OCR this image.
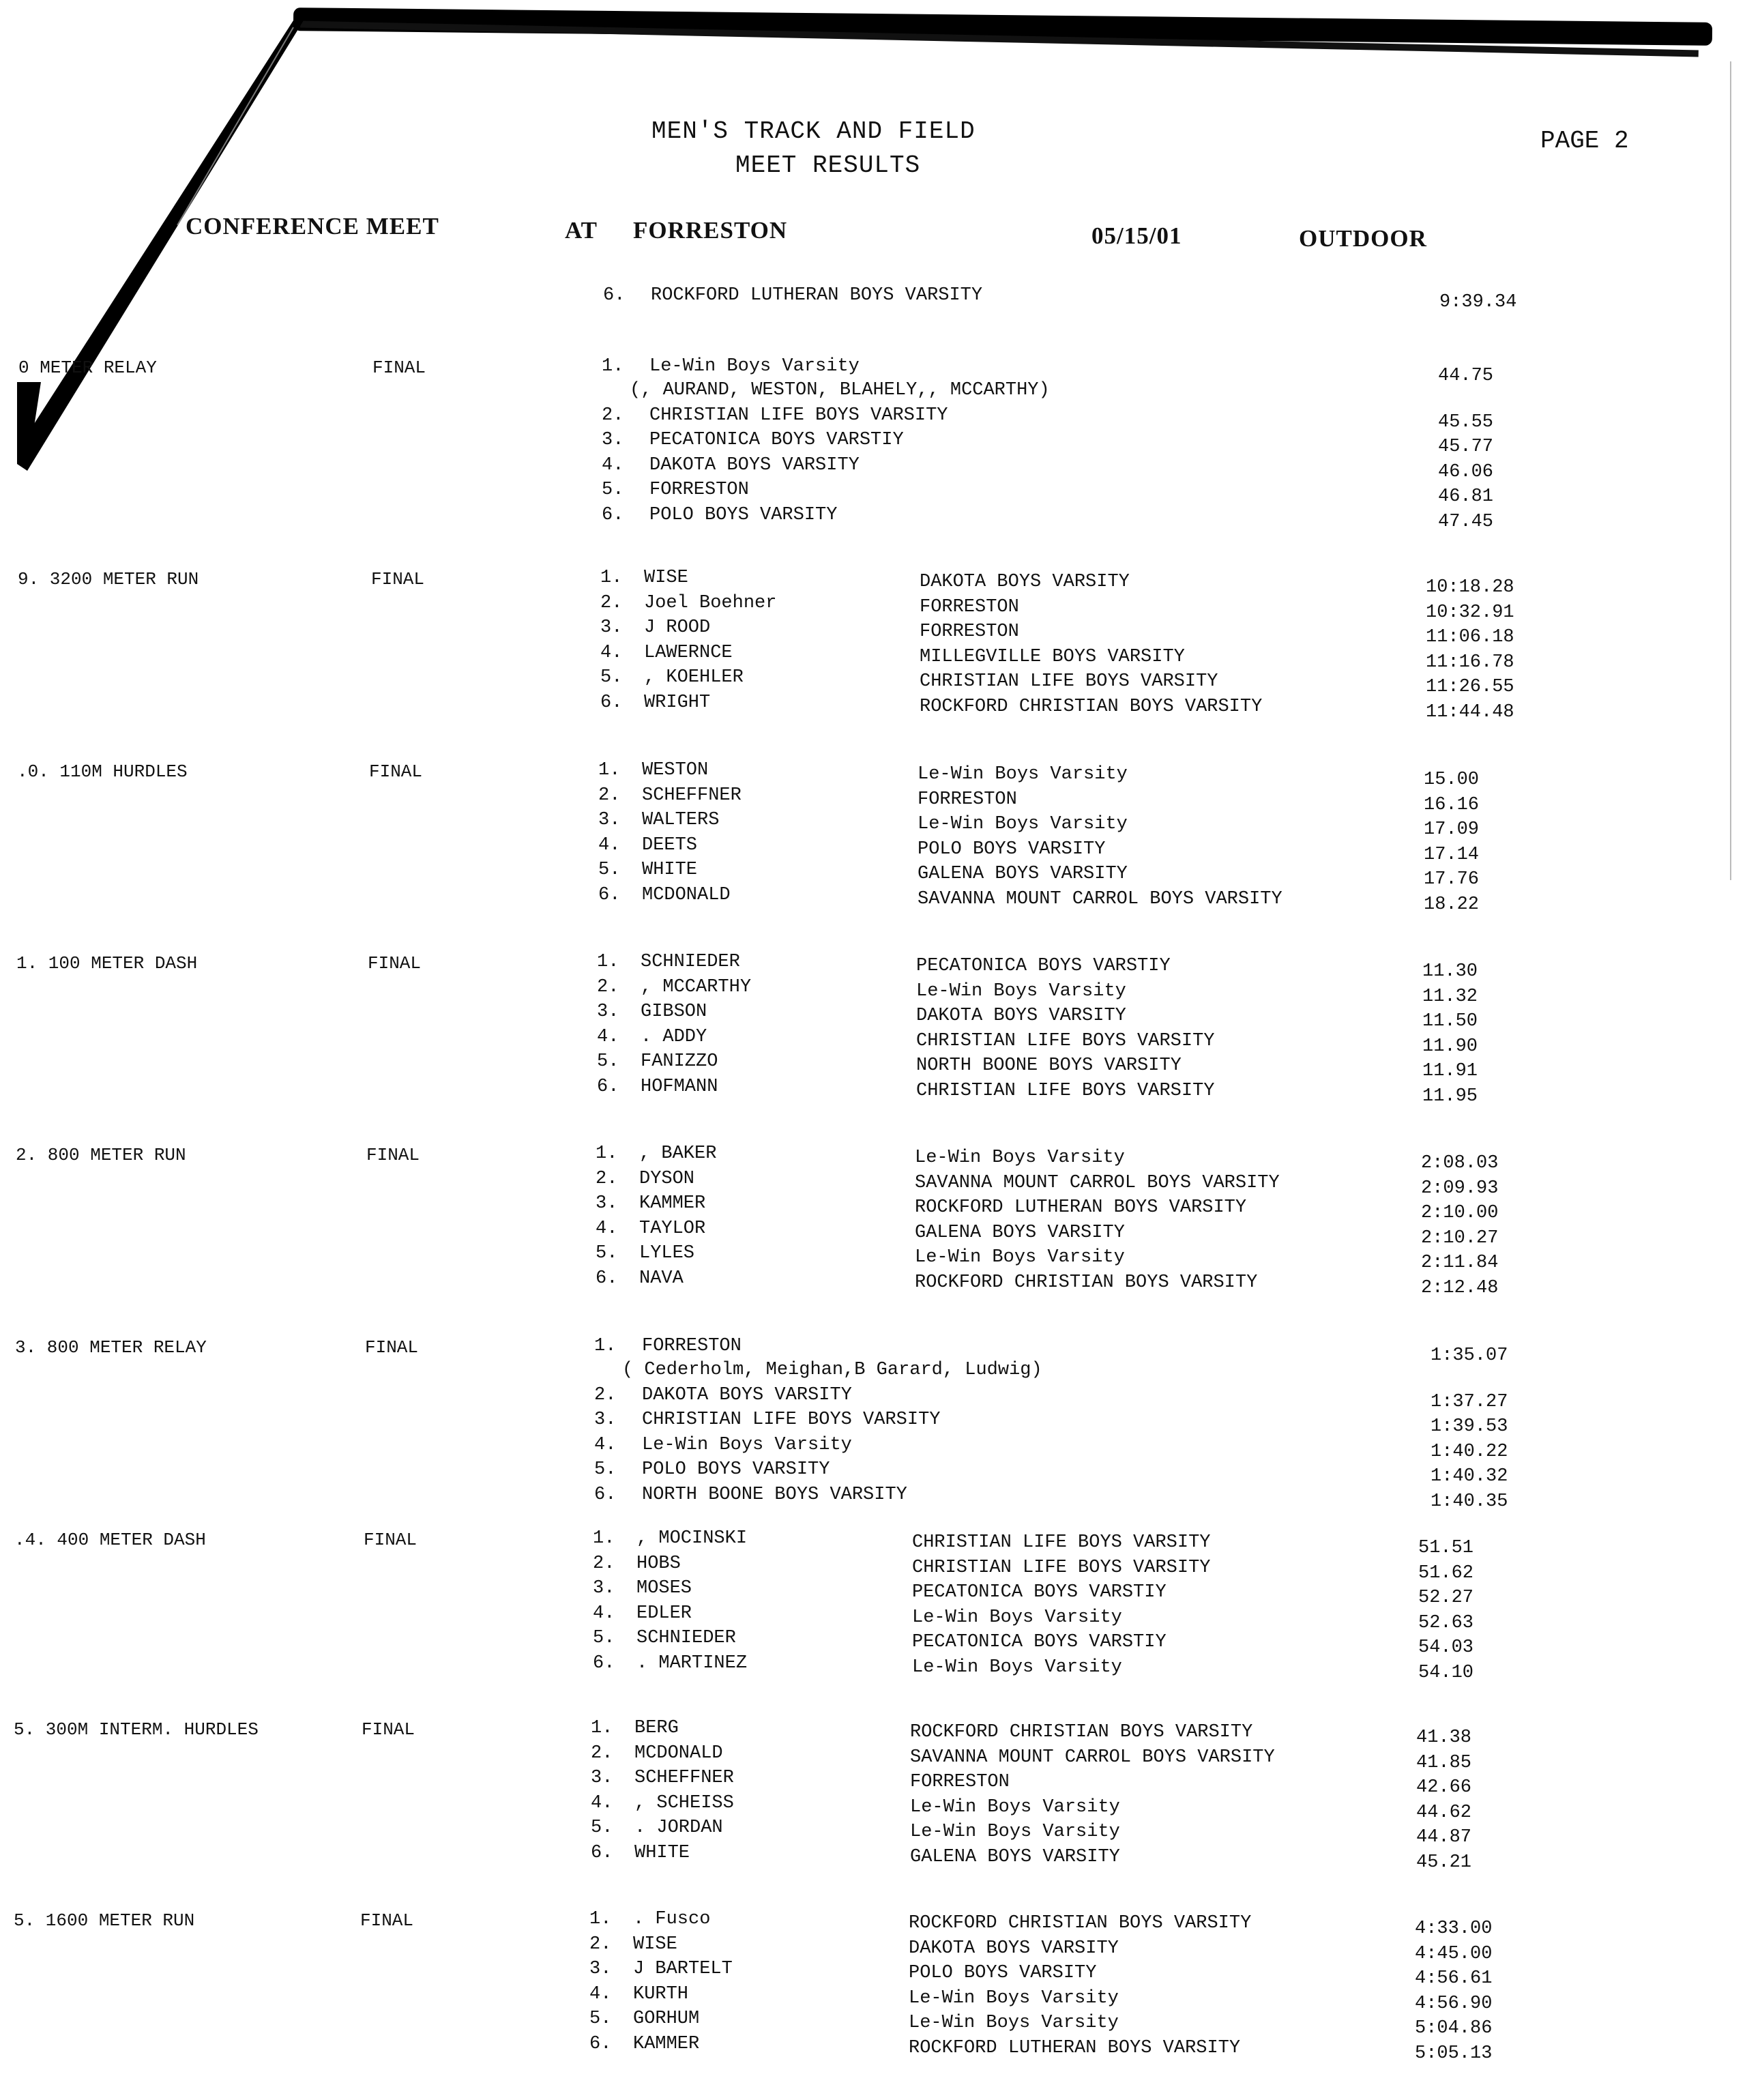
MEN'S TRACK AND FIELD
MEET RESULTS
PAGE 2
CONFERENCE MEET	AT FORRESTON	05/15/01	OUTDOOR
6. ROCKFORD LUTHERAN BOYS VARSITY	9:39.34
0 METER RELAY	FINAL	1. Le-Win Boys Varsity	44.75
(, AURAND, WESTON, BLAHELY,, MCCARTHY)
2. CHRISTIAN LIFE BOYS VARSITY	45.55
3. PECATONICA BOYS VARSTIY	45.77
4. DAKOTA BOYS VARSITY	46.06
5. FORRESTON	46.81
6. POLO BOYS VARSITY	47.45
9. 3200 METER RUN	FINAL	1. WISE	DAKOTA BOYS VARSITY	10:18.28
2. Joel Boehner	FORRESTON	10:32.91
3. J ROOD	FORRESTON	11:06.18
4. LAWERNCE	MILLEGVILLE BOYS VARSITY	11:16.78
5. , KOEHLER	CHRISTIAN LIFE BOYS VARSITY	11:26.55
6. WRIGHT	ROCKFORD CHRISTIAN BOYS VARSITY	11:44.48
.0. 110M HURDLES	FINAL	1. WESTON	Le-Win Boys Varsity	15.00
2. SCHEFFNER	FORRESTON	16.16
3. WALTERS	Le-Win Boys Varsity	17.09
4. DEETS	POLO BOYS VARSITY	17.14
5. WHITE	GALENA BOYS VARSITY	17.76
6. MCDONALD	SAVANNA MOUNT CARROL BOYS VARSITY	18.22
1. 100 METER DASH	FINAL	1. SCHNIEDER	PECATONICA BOYS VARSTIY	11.30
2. , MCCARTHY	Le-Win Boys Varsity	11.32
3. GIBSON	DAKOTA BOYS VARSITY	11.50
4. . ADDY	CHRISTIAN LIFE BOYS VARSITY	11.90
5. FANIZZO	NORTH BOONE BOYS VARSITY	11.91
6. HOFMANN	CHRISTIAN LIFE BOYS VARSITY	11.95
2. 800 METER RUN	FINAL	1. , BAKER	Le-Win Boys Varsity	2:08.03
2. DYSON	SAVANNA MOUNT CARROL BOYS VARSITY	2:09.93
3. KAMMER	ROCKFORD LUTHERAN BOYS VARSITY	2:10.00
4. TAYLOR	GALENA BOYS VARSITY	2:10.27
5. LYLES	Le-Win Boys Varsity	2:11.84
6. NAVA	ROCKFORD CHRISTIAN BOYS VARSITY	2:12.48
3. 800 METER RELAY	FINAL	1. FORRESTON	1:35.07
( Cederholm, Meighan,B Garard, Ludwig)
2. DAKOTA BOYS VARSITY	1:37.27
3. CHRISTIAN LIFE BOYS VARSITY	1:39.53
4. Le-Win Boys Varsity	1:40.22
5. POLO BOYS VARSITY	1:40.32
6. NORTH BOONE BOYS VARSITY	1:40.35
.4. 400 METER DASH	FINAL	1. , MOCINSKI	CHRISTIAN LIFE BOYS VARSITY	51.51
2. HOBS	CHRISTIAN LIFE BOYS VARSITY	51.62
3. MOSES	PECATONICA BOYS VARSTIY	52.27
4. EDLER	Le-Win Boys Varsity	52.63
5. SCHNIEDER	PECATONICA BOYS VARSTIY	54.03
6. . MARTINEZ	Le-Win Boys Varsity	54.10
5. 300M INTERM. HURDLES	FINAL	1. BERG	ROCKFORD CHRISTIAN BOYS VARSITY	41.38
2. MCDONALD	SAVANNA MOUNT CARROL BOYS VARSITY	41.85
3. SCHEFFNER	FORRESTON	42.66
4. , SCHEISS	Le-Win Boys Varsity	44.62
5. . JORDAN	Le-Win Boys Varsity	44.87
6. WHITE	GALENA BOYS VARSITY	45.21
5. 1600 METER RUN	FINAL	1. . Fusco	ROCKFORD CHRISTIAN BOYS VARSITY	4:33.00
2. WISE	DAKOTA BOYS VARSITY	4:45.00
3. J BARTELT	POLO BOYS VARSITY	4:56.61
4. KURTH	Le-Win Boys Varsity	4:56.90
5. GORHUM	Le-Win Boys Varsity	5:04.86
6. KAMMER	ROCKFORD LUTHERAN BOYS VARSITY	5:05.13
